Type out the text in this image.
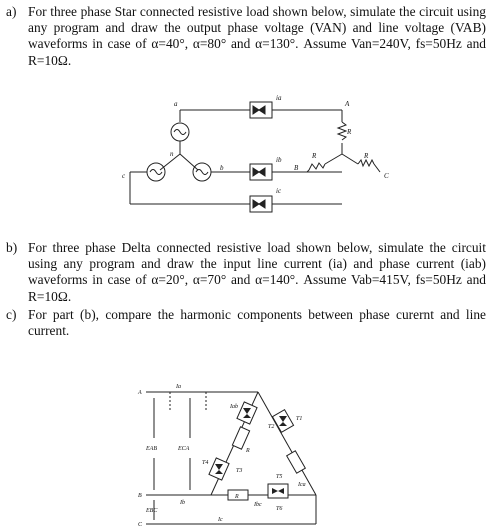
a) For three phase Star connected resistive load shown below, simulate the circuit using any program and draw the output phase voltage (VAN) and line voltage (VAB) waveforms in case of α=40°, α=80° and α=130°. Assume Van=240V, fs=50Hz and R=10Ω.
a
n
c
b
A
B
C
ia
ib
ic
R
R	R
b) For three phase Delta connected resistive load shown below, simulate the circuit using any program and draw the input line current (ia) and phase current (iab) waveforms in case of α=20°, α=70° and α=140°. Assume Vab=415V, fs=50Hz and R=10Ω.
c) For part (b), compare the harmonic components between phase curernt and line current.
A
B
C
Ia
Ib
Ic
EAB	ECA
EBC
Iab
Ica
Ibc
T1
T2
T3
T4
T5
T6
R
R
